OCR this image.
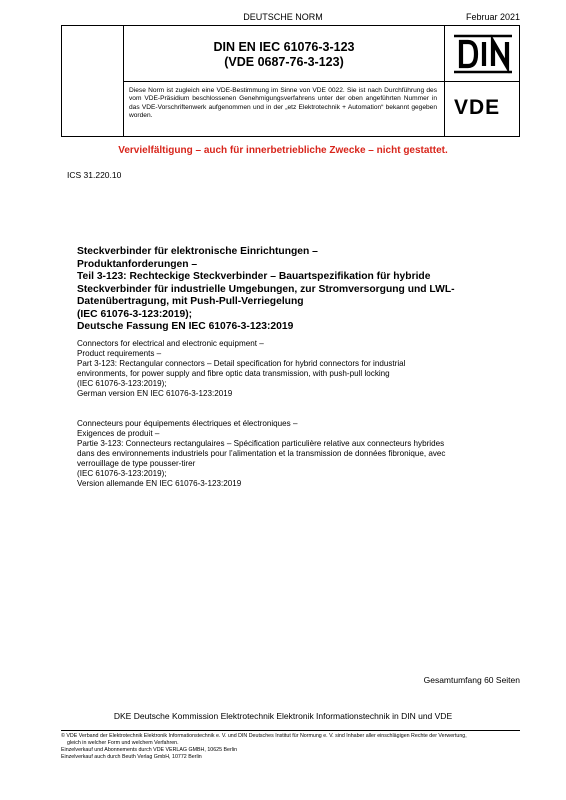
DEUTSCHE NORM	Februar 2021
DIN EN IEC 61076-3-123
(VDE 0687-76-3-123)
Diese Norm ist zugleich eine VDE-Bestimmung im Sinne von VDE 0022. Sie ist nach Durchführung des vom VDE-Präsidium beschlossenen Genehmigungsverfahrens unter der oben angeführten Nummer in das VDE-Vorschriftenwerk aufgenommen und in der „etz Elektrotechnik + Automation“ bekannt gegeben worden.	VDE
Vervielfältigung – auch für innerbetriebliche Zwecke – nicht gestattet.
ICS 31.220.10
Steckverbinder für elektronische Einrichtungen –
Produktanforderungen –
Teil 3-123: Rechteckige Steckverbinder – Bauartspezifikation für hybride
Steckverbinder für industrielle Umgebungen, zur Stromversorgung und LWL-
Datenübertragung, mit Push-Pull-Verriegelung
(IEC 61076-3-123:2019);
Deutsche Fassung EN IEC 61076-3-123:2019
Connectors for electrical and electronic equipment –
Product requirements –
Part 3-123: Rectangular connectors – Detail specification for hybrid connectors for industrial
environments, for power supply and fibre optic data transmission, with push-pull locking
(IEC 61076-3-123:2019);
German version EN IEC 61076-3-123:2019
Connecteurs pour équipements électriques et électroniques –
Exigences de produit –
Partie 3-123: Connecteurs rectangulaires – Spécification particulière relative aux connecteurs hybrides
dans des environnements industriels pour l’alimentation et la transmission de données fibronique, avec
verrouillage de type pousser-tirer
(IEC 61076-3-123:2019);
Version allemande EN IEC 61076-3-123:2019
Gesamtumfang 60 Seiten
DKE Deutsche Kommission Elektrotechnik Elektronik Informationstechnik in DIN und VDE
© VDE Verband der Elektrotechnik Elektronik Informationstechnik e. V. und DIN Deutsches Institut für Normung e. V. sind Inhaber aller einschlägigen Rechte der Verwertung,
gleich in welcher Form und welchem Verfahren.
Einzelverkauf und Abonnements durch VDE VERLAG GMBH, 10625 Berlin
Einzelverkauf auch durch Beuth Verlag GmbH, 10772 Berlin
